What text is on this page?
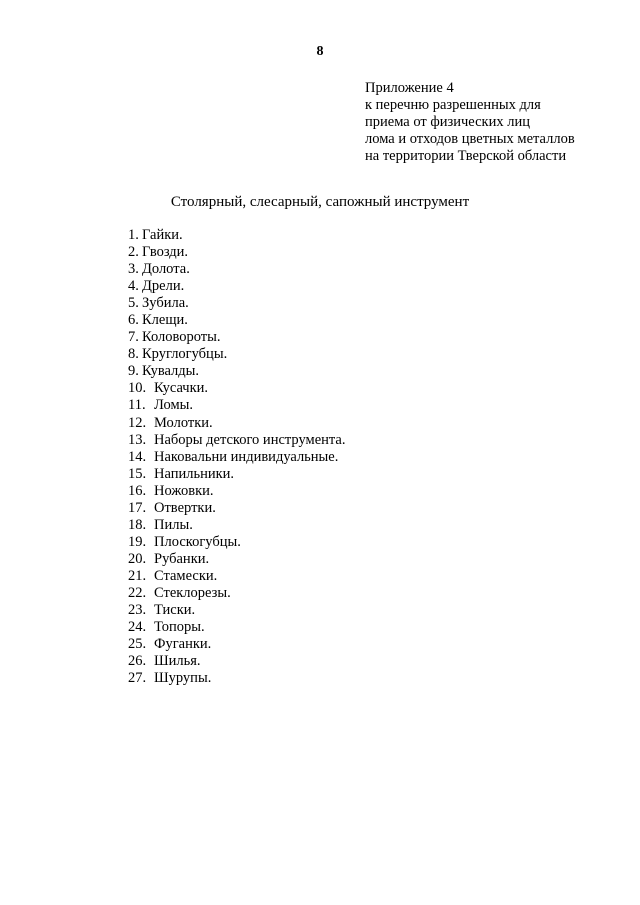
8
Приложение 4
к перечню разрешенных для
приема от физических лиц
лома и отходов цветных металлов
на территории Тверской области
Столярный, слесарный, сапожный инструмент
1. Гайки.
2. Гвозди.
3. Долота.
4. Дрели.
5. Зубила.
6. Клещи.
7. Коловороты.
8. Круглогубцы.
9. Кувалды.
10. Кусачки.
11. Ломы.
12. Молотки.
13. Наборы детского инструмента.
14. Наковальни индивидуальные.
15. Напильники.
16. Ножовки.
17. Отвертки.
18. Пилы.
19. Плоскогубцы.
20. Рубанки.
21. Стамески.
22. Стеклорезы.
23. Тиски.
24. Топоры.
25. Фуганки.
26. Шилья.
27. Шурупы.
